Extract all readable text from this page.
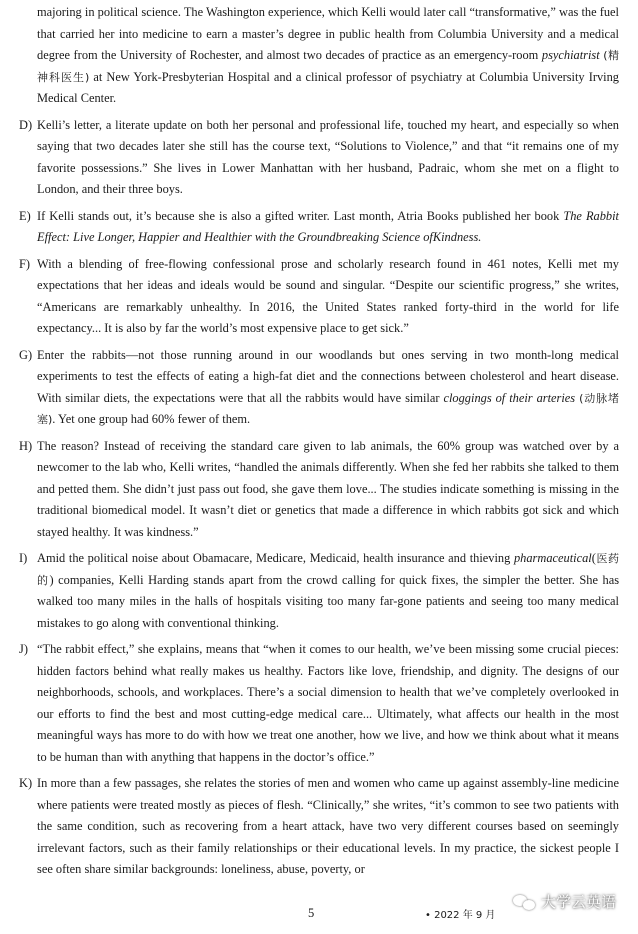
majoring in political science. The Washington experience, which Kelli would later call “transformative,” was the fuel that carried her into medicine to earn a master’s degree in public health from Columbia University and a medical degree from the University of Rochester, and almost two decades of practice as an emergency-room psychiatrist (精神科医生) at New York-Presbyterian Hospital and a clinical professor of psychiatry at Columbia University Irving Medical Center.
D) Kelli’s letter, a literate update on both her personal and professional life, touched my heart, and especially so when saying that two decades later she still has the course text, “Solutions to Violence,” and that “it remains one of my favorite possessions.” She lives in Lower Manhattan with her husband, Padraic, whom she met on a flight to London, and their three boys.
E) If Kelli stands out, it’s because she is also a gifted writer. Last month, Atria Books published her book The Rabbit Effect: Live Longer, Happier and Healthier with the Groundbreaking Science ofKindness.
F) With a blending of free-flowing confessional prose and scholarly research found in 461 notes, Kelli met my expectations that her ideas and ideals would be sound and singular. “Despite our scientific progress,” she writes, “Americans are remarkably unhealthy. In 2016, the United States ranked forty-third in the world for life expectancy... It is also by far the world’s most expensive place to get sick.”
G) Enter the rabbits—not those running around in our woodlands but ones serving in two month-long medical experiments to test the effects of eating a high-fat diet and the connections between cholesterol and heart disease. With similar diets, the expectations were that all the rabbits would have similar cloggings of their arteries (动脉堵塞). Yet one group had 60% fewer of them.
H) The reason? Instead of receiving the standard care given to lab animals, the 60% group was watched over by a newcomer to the lab who, Kelli writes, “handled the animals differently. When she fed her rabbits she talked to them and petted them. She didn’t just pass out food, she gave them love... The studies indicate something is missing in the traditional biomedical model. It wasn’t diet or genetics that made a difference in which rabbits got sick and which stayed healthy. It was kindness.”
I) Amid the political noise about Obamacare, Medicare, Medicaid, health insurance and thieving pharmaceutical(医药的) companies, Kelli Harding stands apart from the crowd calling for quick fixes, the simpler the better. She has walked too many miles in the halls of hospitals visiting too many far-gone patients and seeing too many medical mistakes to go along with conventional thinking.
J) “The rabbit effect,” she explains, means that “when it comes to our health, we’ve been missing some crucial pieces: hidden factors behind what really makes us healthy. Factors like love, friendship, and dignity. The designs of our neighborhoods, schools, and workplaces. There’s a social dimension to health that we’ve completely overlooked in our efforts to find the best and most cutting-edge medical care... Ultimately, what affects our health in the most meaningful ways has more to do with how we treat one another, how we live, and how we think about what it means to be human than with anything that happens in the doctor’s office.”
K) In more than a few passages, she relates the stories of men and women who came up against assembly-line medicine where patients were treated mostly as pieces of flesh. “Clinically,” she writes, “it’s common to see two patients with the same condition, such as recovering from a heart attack, have two very different courses based on seemingly irrelevant factors, such as their family relationships or their educational levels. In my practice, the sickest people I see often share similar backgrounds: loneliness, abuse, poverty, or
5	• 2022 年 9 月
大学云英语
